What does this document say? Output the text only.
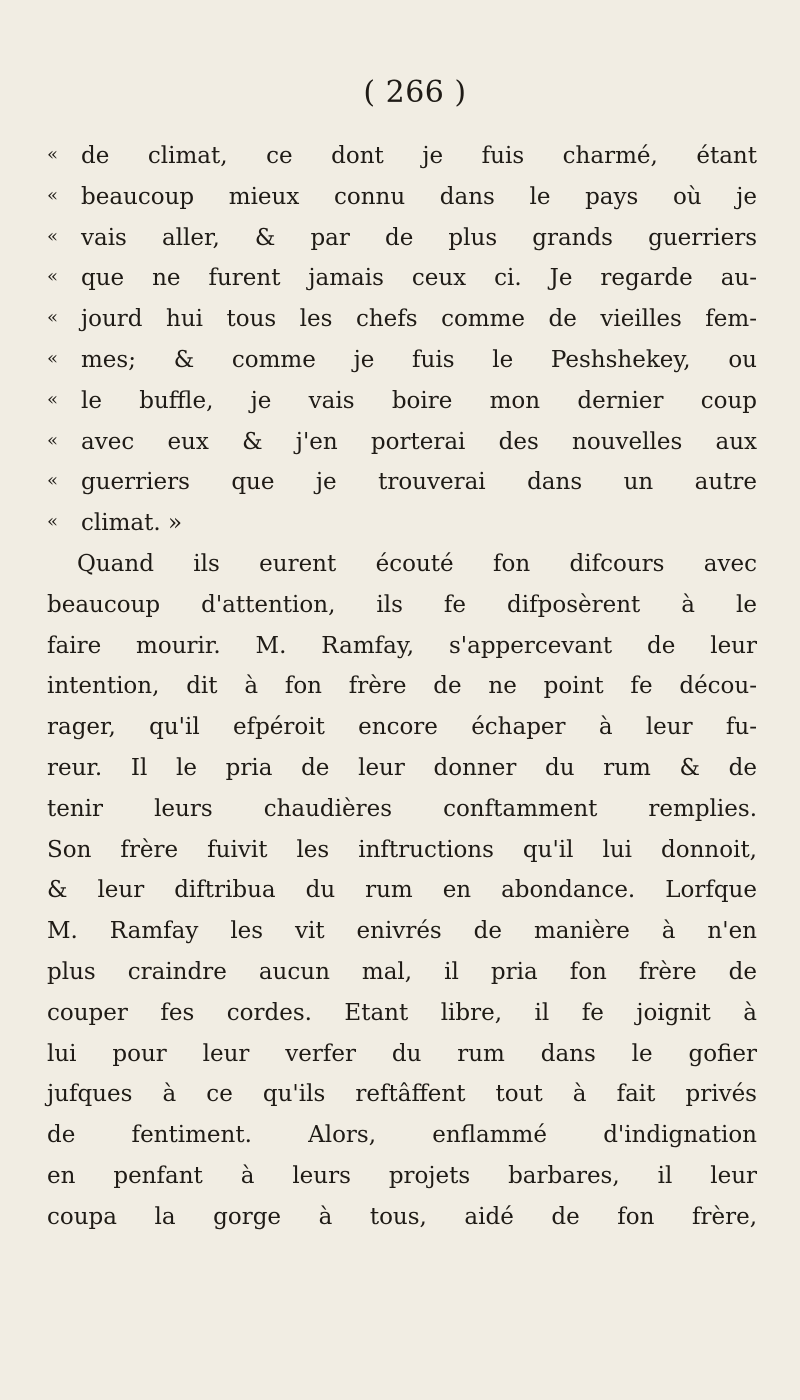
( 266 )
« de climat, ce dont je fuis charmé, étant
« beaucoup mieux connu dans le pays où je
« vais aller, & par de plus grands guerriers
« que ne furent jamais ceux ci. Je regarde au-
« jourd hui tous les chefs comme de vieilles fem-
« mes; & comme je fuis le Peshshekey, ou
« le buffle, je vais boire mon dernier coup
« avec eux & j'en porterai des nouvelles aux
« guerriers que je trouverai dans un autre
« climat. »
Quand ils eurent écouté fon difcours avec
beaucoup d'attention, ils fe difposèrent à le
faire mourir. M. Ramfay, s'appercevant de leur
intention, dit à fon frère de ne point fe décou-
rager, qu'il efpéroit encore échaper à leur fu-
reur. Il le pria de leur donner du rum & de
tenir leurs chaudières conftamment remplies.
Son frère fuivit les inftructions qu'il lui donnoit,
& leur diftribua du rum en abondance. Lorfque
M. Ramfay les vit enivrés de manière à n'en
plus craindre aucun mal, il pria fon frère de
couper fes cordes. Etant libre, il fe joignit à
lui pour leur verfer du rum dans le gofier
jufques à ce qu'ils reftâffent tout à fait privés
de fentiment. Alors, enflammé d'indignation
en penfant à leurs projets barbares, il leur
coupa la gorge à tous, aidé de fon frère,
